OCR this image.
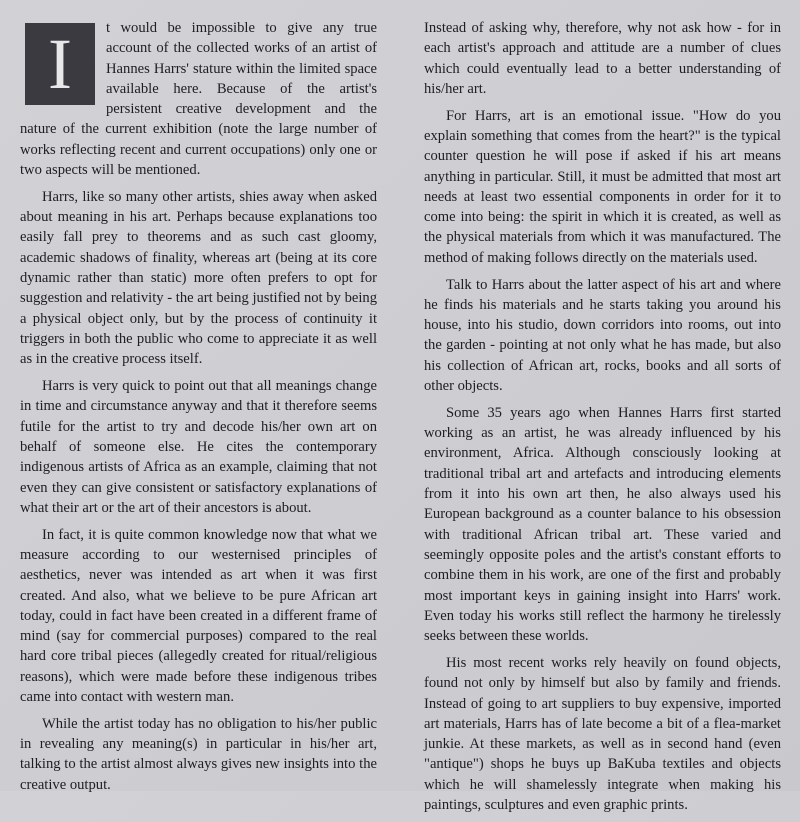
I	t would be impossible to give any true account of the collected works of an artist of Hannes Harrs' stature within the limited space available here. Because of the artist's persistent creative development and the nature of the current exhibition (note the large number of works reflecting recent and current occupations) only one or two aspects will be mentioned.

Harrs, like so many other artists, shies away when asked about meaning in his art. Perhaps because explanations too easily fall prey to theorems and as such cast gloomy, academic shadows of finality, whereas art (being at its core dynamic rather than static) more often prefers to opt for suggestion and relativity - the art being justified not by being a physical object only, but by the process of continuity it triggers in both the public who come to appreciate it as well as in the creative process itself.

Harrs is very quick to point out that all meanings change in time and circumstance anyway and that it therefore seems futile for the artist to try and decode his/her own art on behalf of someone else. He cites the contemporary indigenous artists of Africa as an example, claiming that not even they can give consistent or satisfactory explanations of what their art or the art of their ancestors is about.

In fact, it is quite common knowledge now that what we measure according to our westernised principles of aesthetics, never was intended as art when it was first created. And also, what we believe to be pure African art today, could in fact have been created in a different frame of mind (say for commercial purposes) compared to the real hard core tribal pieces (allegedly created for ritual/religious reasons), which were made before these indigenous tribes came into contact with western man.

While the artist today has no obligation to his/her public in revealing any meaning(s) in particular in his/her art, talking to the artist almost always gives new insights into the creative output.

Instead of asking why, therefore, why not ask how - for in each artist's approach and attitude are a number of clues which could eventually lead to a better understanding of his/her art.

For Harrs, art is an emotional issue. "How do you explain something that comes from the heart?" is the typical counter question he will pose if asked if his art means anything in particular. Still, it must be admitted that most art needs at least two essential components in order for it to come into being: the spirit in which it is created, as well as the physical materials from which it was manufactured. The method of making follows directly on the materials used.

Talk to Harrs about the latter aspect of his art and where he finds his materials and he starts taking you around his house, into his studio, down corridors into rooms, out into the garden - pointing at not only what he has made, but also his collection of African art, rocks, books and all sorts of other objects.

Some 35 years ago when Hannes Harrs first started working as an artist, he was already influenced by his environment, Africa. Although consciously looking at traditional tribal art and artefacts and introducing elements from it into his own art then, he also always used his European background as a counter balance to his obsession with traditional African tribal art. These varied and seemingly opposite poles and the artist's constant efforts to combine them in his work, are one of the first and probably most important keys in gaining insight into Harrs' work. Even today his works still reflect the harmony he tirelessly seeks between these worlds.

His most recent works rely heavily on found objects, found not only by himself but also by family and friends. Instead of going to art suppliers to buy expensive, imported art materials, Harrs has of late become a bit of a flea-market junkie. At these markets, as well as in second hand (even "antique") shops he buys up BaKuba textiles and objects which he will shamelessly integrate when making his paintings, sculptures and even graphic prints.
